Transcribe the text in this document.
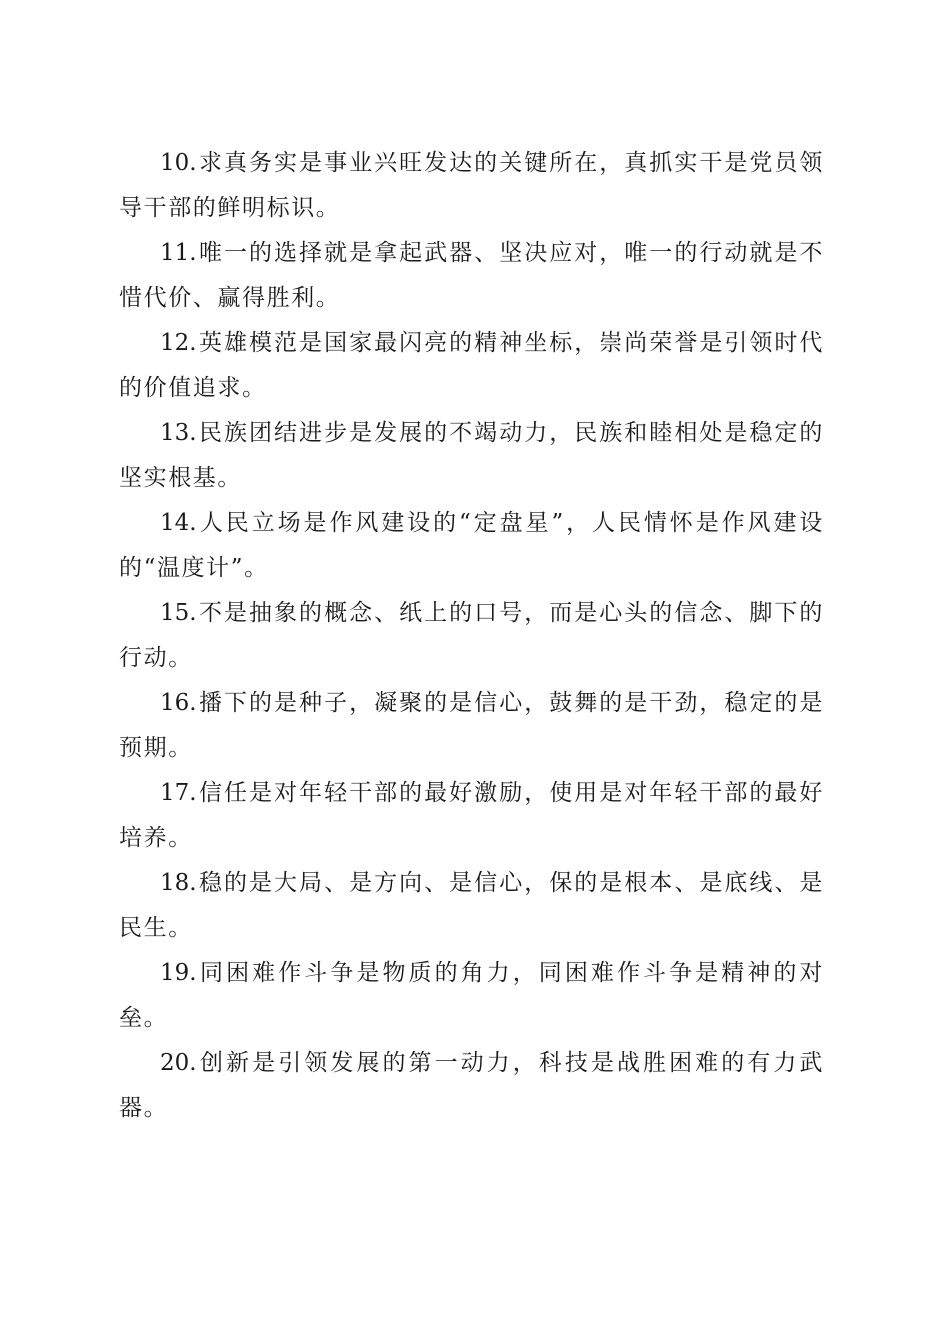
10.求真务实是事业兴旺发达的关键所在，真抓实干是党员领导干部的鲜明标识。

11.唯一的选择就是拿起武器、坚决应对，唯一的行动就是不惜代价、赢得胜利。

12.英雄模范是国家最闪亮的精神坐标，崇尚荣誉是引领时代的价值追求。

13.民族团结进步是发展的不竭动力，民族和睦相处是稳定的坚实根基。

14.人民立场是作风建设的“定盘星”，人民情怀是作风建设的“温度计”。

15.不是抽象的概念、纸上的口号，而是心头的信念、脚下的行动。

16.播下的是种子，凝聚的是信心，鼓舞的是干劲，稳定的是预期。

17.信任是对年轻干部的最好激励，使用是对年轻干部的最好培养。

18.稳的是大局、是方向、是信心，保的是根本、是底线、是民生。

19.同困难作斗争是物质的角力，同困难作斗争是精神的对垒。

20.创新是引领发展的第一动力，科技是战胜困难的有力武器。
